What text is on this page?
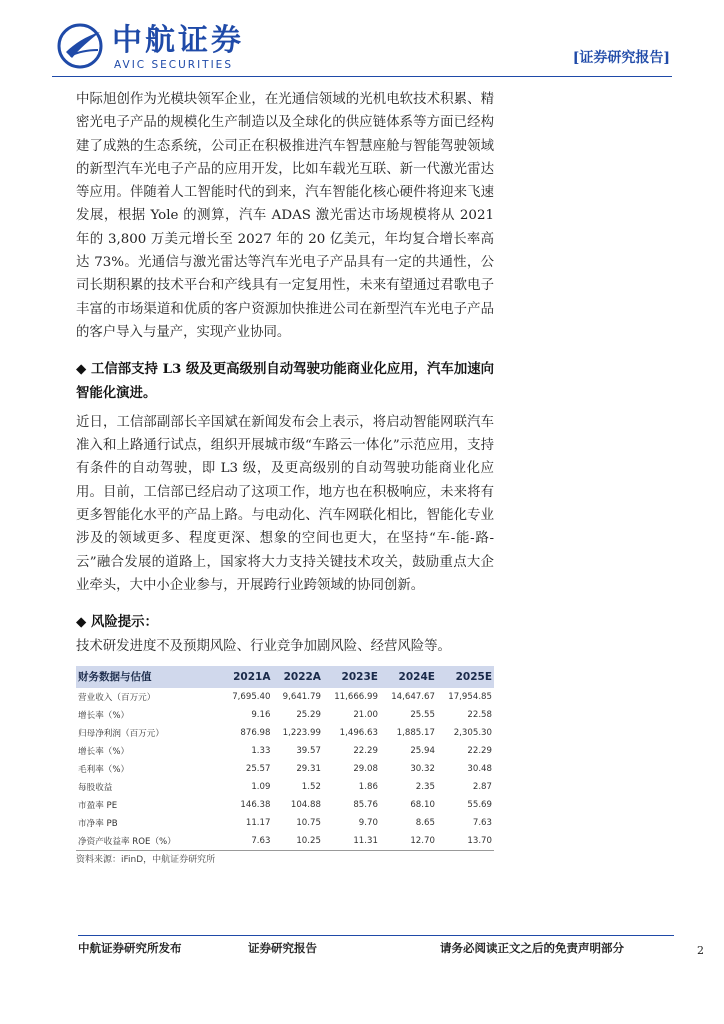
中航证券
AVIC SECURITIES	[证券研究报告]

中际旭创作为光模块领军企业，在光通信领域的光机电软技术积累、精密光电子产品的规模化生产制造以及全球化的供应链体系等方面已经构建了成熟的生态系统，公司正在积极推进汽车智慧座舱与智能驾驶领域的新型汽车光电子产品的应用开发，比如车载光互联、新一代激光雷达等应用。伴随着人工智能时代的到来，汽车智能化核心硬件将迎来飞速发展，根据 Yole 的测算，汽车 ADAS 激光雷达市场规模将从 2021 年的 3,800 万美元增长至 2027 年的 20 亿美元，年均复合增长率高达 73%。光通信与激光雷达等汽车光电子产品具有一定的共通性，公司长期积累的技术平台和产线具有一定复用性，未来有望通过君歌电子丰富的市场渠道和优质的客户资源加快推进公司在新型汽车光电子产品的客户导入与量产，实现产业协同。

◆ 工信部支持 L3 级及更高级别自动驾驶功能商业化应用，汽车加速向智能化演进。

近日，工信部副部长辛国斌在新闻发布会上表示，将启动智能网联汽车准入和上路通行试点，组织开展城市级“车路云一体化”示范应用，支持有条件的自动驾驶，即 L3 级，及更高级别的自动驾驶功能商业化应用。目前，工信部已经启动了这项工作，地方也在积极响应，未来将有更多智能化水平的产品上路。与电动化、汽车网联化相比，智能化专业涉及的领域更多、程度更深、想象的空间也更大，在坚持“车-能-路-云”融合发展的道路上，国家将大力支持关键技术攻关，鼓励重点大企业牵头，大中小企业参与，开展跨行业跨领域的协同创新。

◆ 风险提示：

技术研发进度不及预期风险、行业竞争加剧风险、经营风险等。

财务数据与估值	2021A	2022A	2023E	2024E	2025E
营业收入（百万元）	7,695.40	9,641.79	11,666.99	14,647.67	17,954.85
增长率（%）	9.16	25.29	21.00	25.55	22.58
归母净利润（百万元）	876.98	1,223.99	1,496.63	1,885.17	2,305.30
增长率（%）	1.33	39.57	22.29	25.94	22.29
毛利率（%）	25.57	29.31	29.08	30.32	30.48
每股收益	1.09	1.52	1.86	2.35	2.87
市盈率 PE	146.38	104.88	85.76	68.10	55.69
市净率 PB	11.17	10.75	9.70	8.65	7.63
净资产收益率 ROE（%）	7.63	10.25	11.31	12.70	13.70
资料来源：iFinD，中航证券研究所
中航证券研究所发布	证券研究报告	请务必阅读正文之后的免责声明部分	2
